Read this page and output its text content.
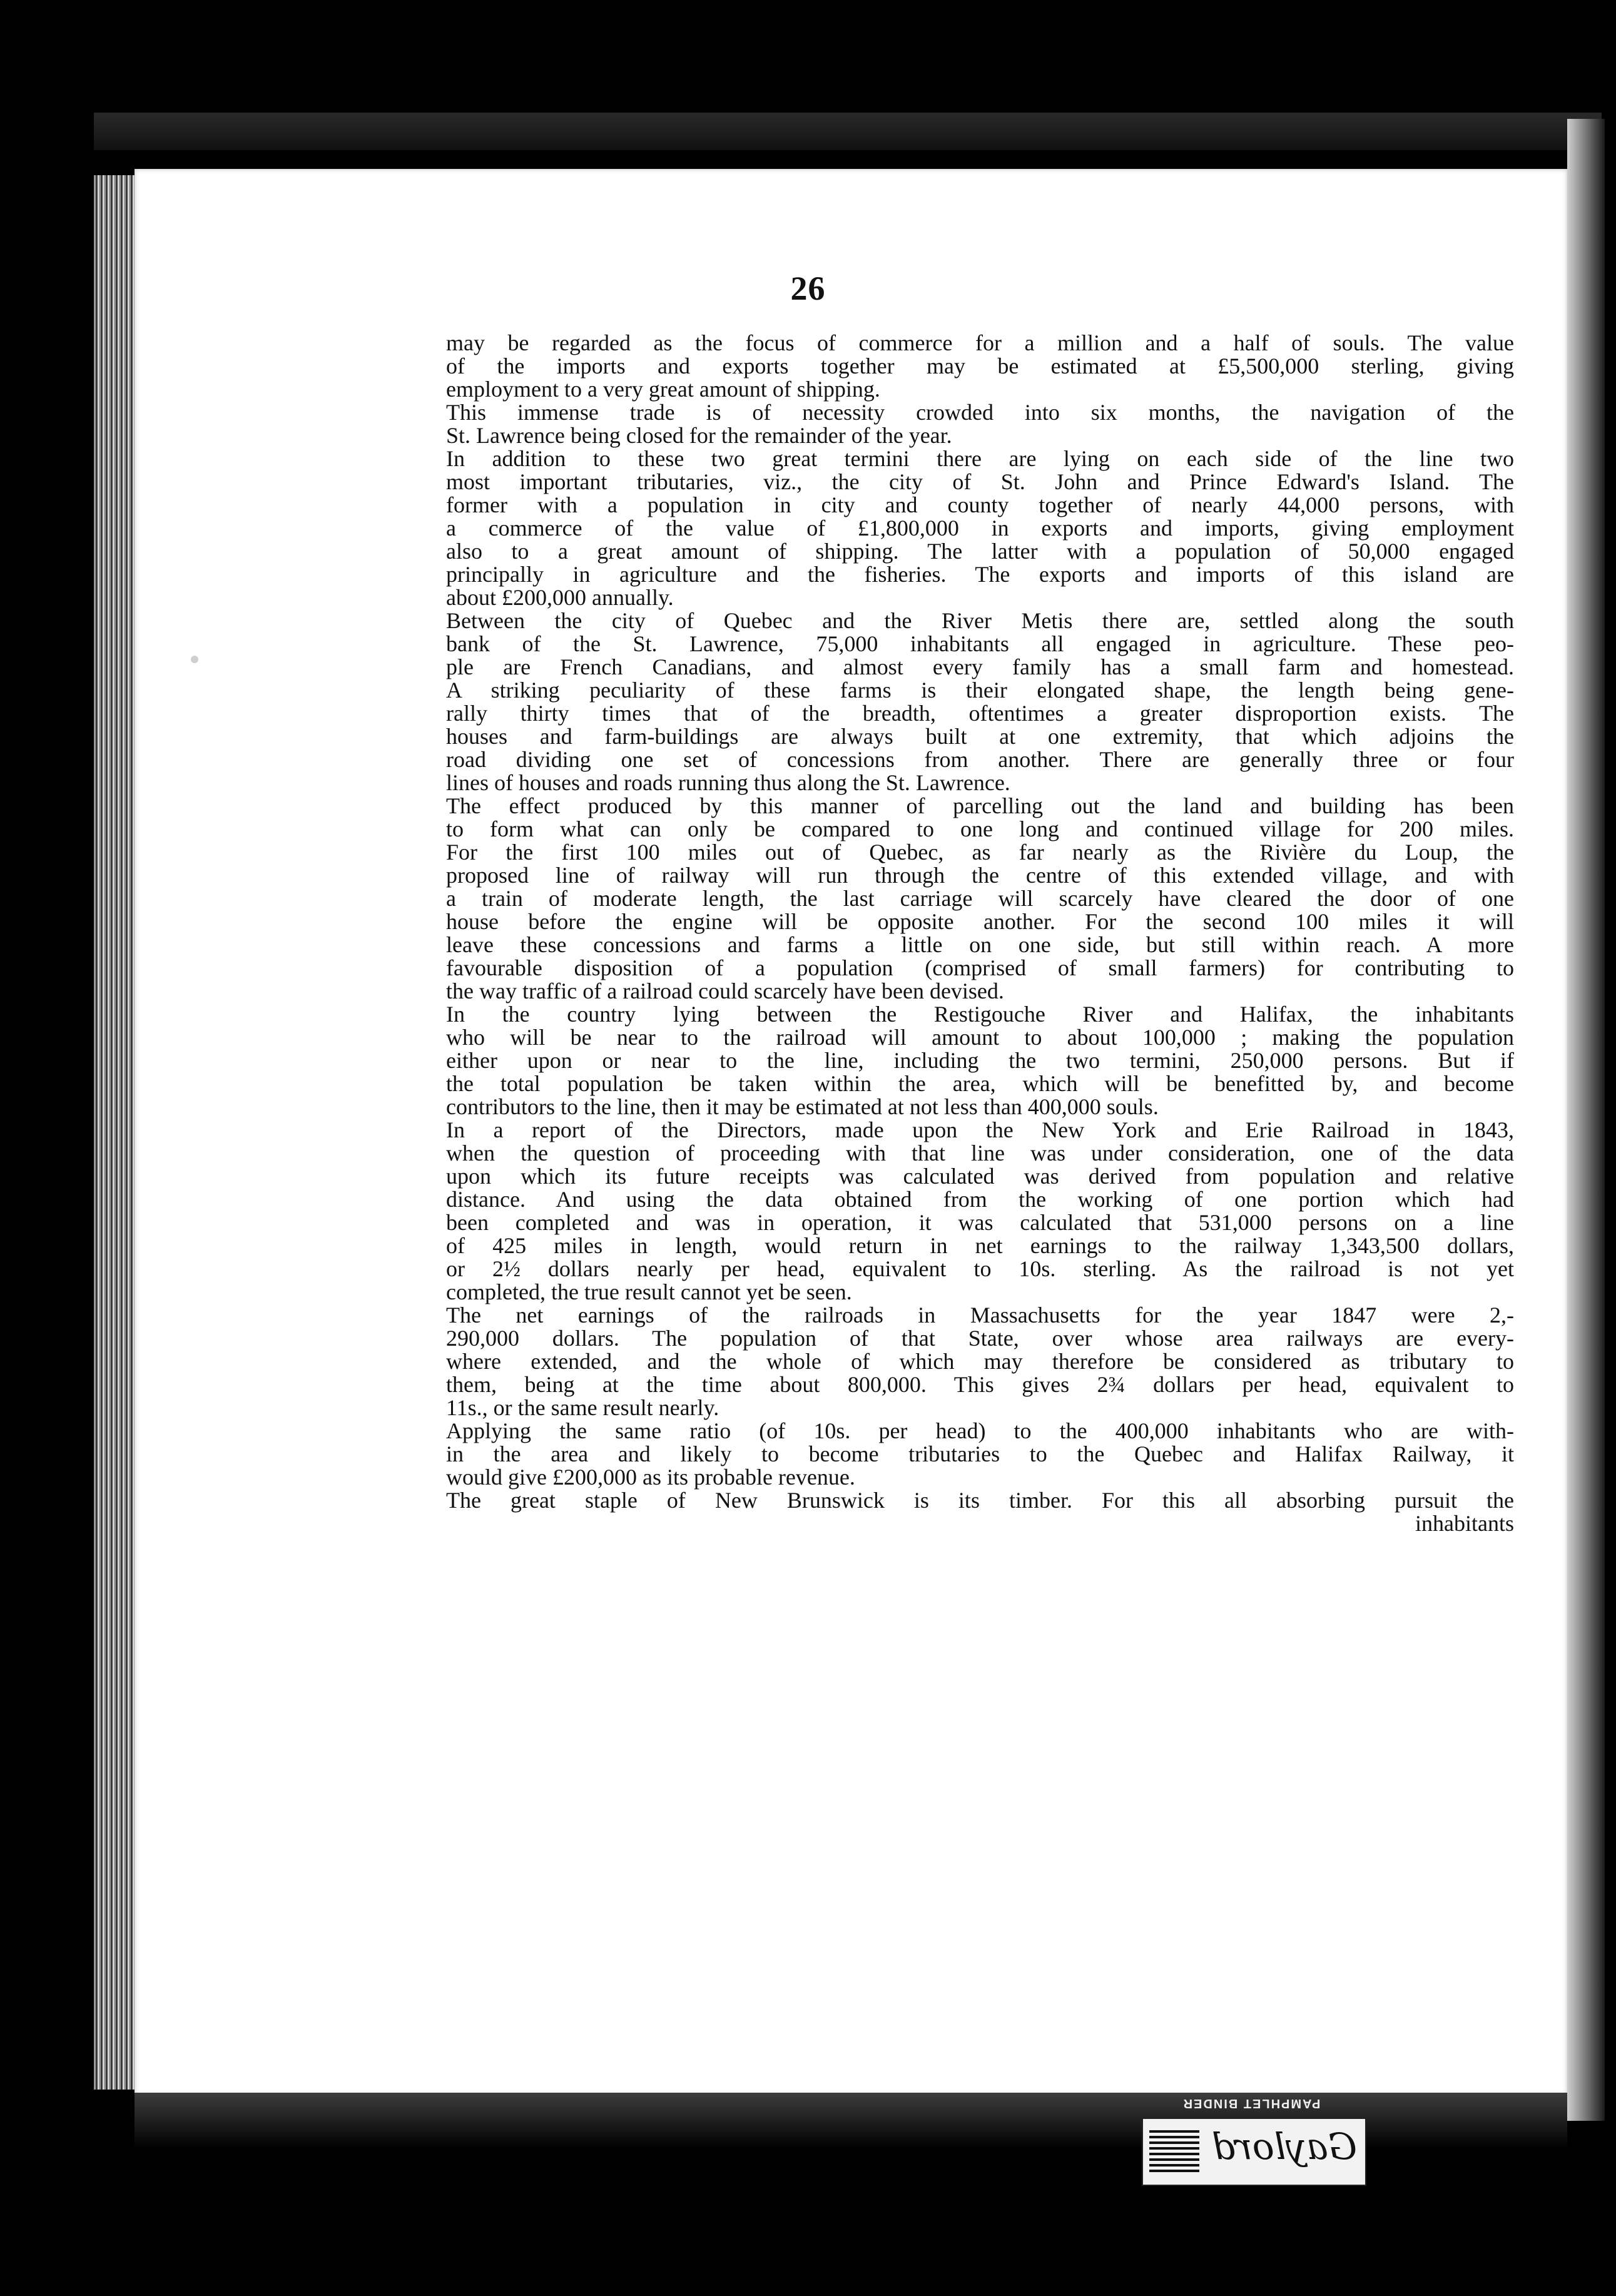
26
may be regarded as the focus of commerce for a million and a half of souls. The value
of the imports and exports together may be estimated at £5,500,000 sterling, giving
employment to a very great amount of shipping.
This immense trade is of necessity crowded into six months, the navigation of the
St. Lawrence being closed for the remainder of the year.
In addition to these two great termini there are lying on each side of the line two
most important tributaries, viz., the city of St. John and Prince Edward's Island. The
former with a population in city and county together of nearly 44,000 persons, with
a commerce of the value of £1,800,000 in exports and imports, giving employment
also to a great amount of shipping. The latter with a population of 50,000 engaged
principally in agriculture and the fisheries. The exports and imports of this island are
about £200,000 annually.
Between the city of Quebec and the River Metis there are, settled along the south
bank of the St. Lawrence, 75,000 inhabitants all engaged in agriculture. These peo-
ple are French Canadians, and almost every family has a small farm and homestead.
A striking peculiarity of these farms is their elongated shape, the length being gene-
rally thirty times that of the breadth, oftentimes a greater disproportion exists. The
houses and farm-buildings are always built at one extremity, that which adjoins the
road dividing one set of concessions from another. There are generally three or four
lines of houses and roads running thus along the St. Lawrence.
The effect produced by this manner of parcelling out the land and building has been
to form what can only be compared to one long and continued village for 200 miles.
For the first 100 miles out of Quebec, as far nearly as the Rivière du Loup, the
proposed line of railway will run through the centre of this extended village, and with
a train of moderate length, the last carriage will scarcely have cleared the door of one
house before the engine will be opposite another. For the second 100 miles it will
leave these concessions and farms a little on one side, but still within reach. A more
favourable disposition of a population (comprised of small farmers) for contributing to
the way traffic of a railroad could scarcely have been devised.
In the country lying between the Restigouche River and Halifax, the inhabitants
who will be near to the railroad will amount to about 100,000 ; making the population
either upon or near to the line, including the two termini, 250,000 persons. But if
the total population be taken within the area, which will be benefitted by, and become
contributors to the line, then it may be estimated at not less than 400,000 souls.
In a report of the Directors, made upon the New York and Erie Railroad in 1843,
when the question of proceeding with that line was under consideration, one of the data
upon which its future receipts was calculated was derived from population and relative
distance. And using the data obtained from the working of one portion which had
been completed and was in operation, it was calculated that 531,000 persons on a line
of 425 miles in length, would return in net earnings to the railway 1,343,500 dollars,
or 2½ dollars nearly per head, equivalent to 10s. sterling. As the railroad is not yet
completed, the true result cannot yet be seen.
The net earnings of the railroads in Massachusetts for the year 1847 were 2,-
290,000 dollars. The population of that State, over whose area railways are every-
where extended, and the whole of which may therefore be considered as tributary to
them, being at the time about 800,000. This gives 2¾ dollars per head, equivalent to
11s., or the same result nearly.
Applying the same ratio (of 10s. per head) to the 400,000 inhabitants who are with-
in the area and likely to become tributaries to the Quebec and Halifax Railway, it
would give £200,000 as its probable revenue.
The great staple of New Brunswick is its timber. For this all absorbing pursuit the
inhabitants
PAMPHLET BINDER
Gaylord
